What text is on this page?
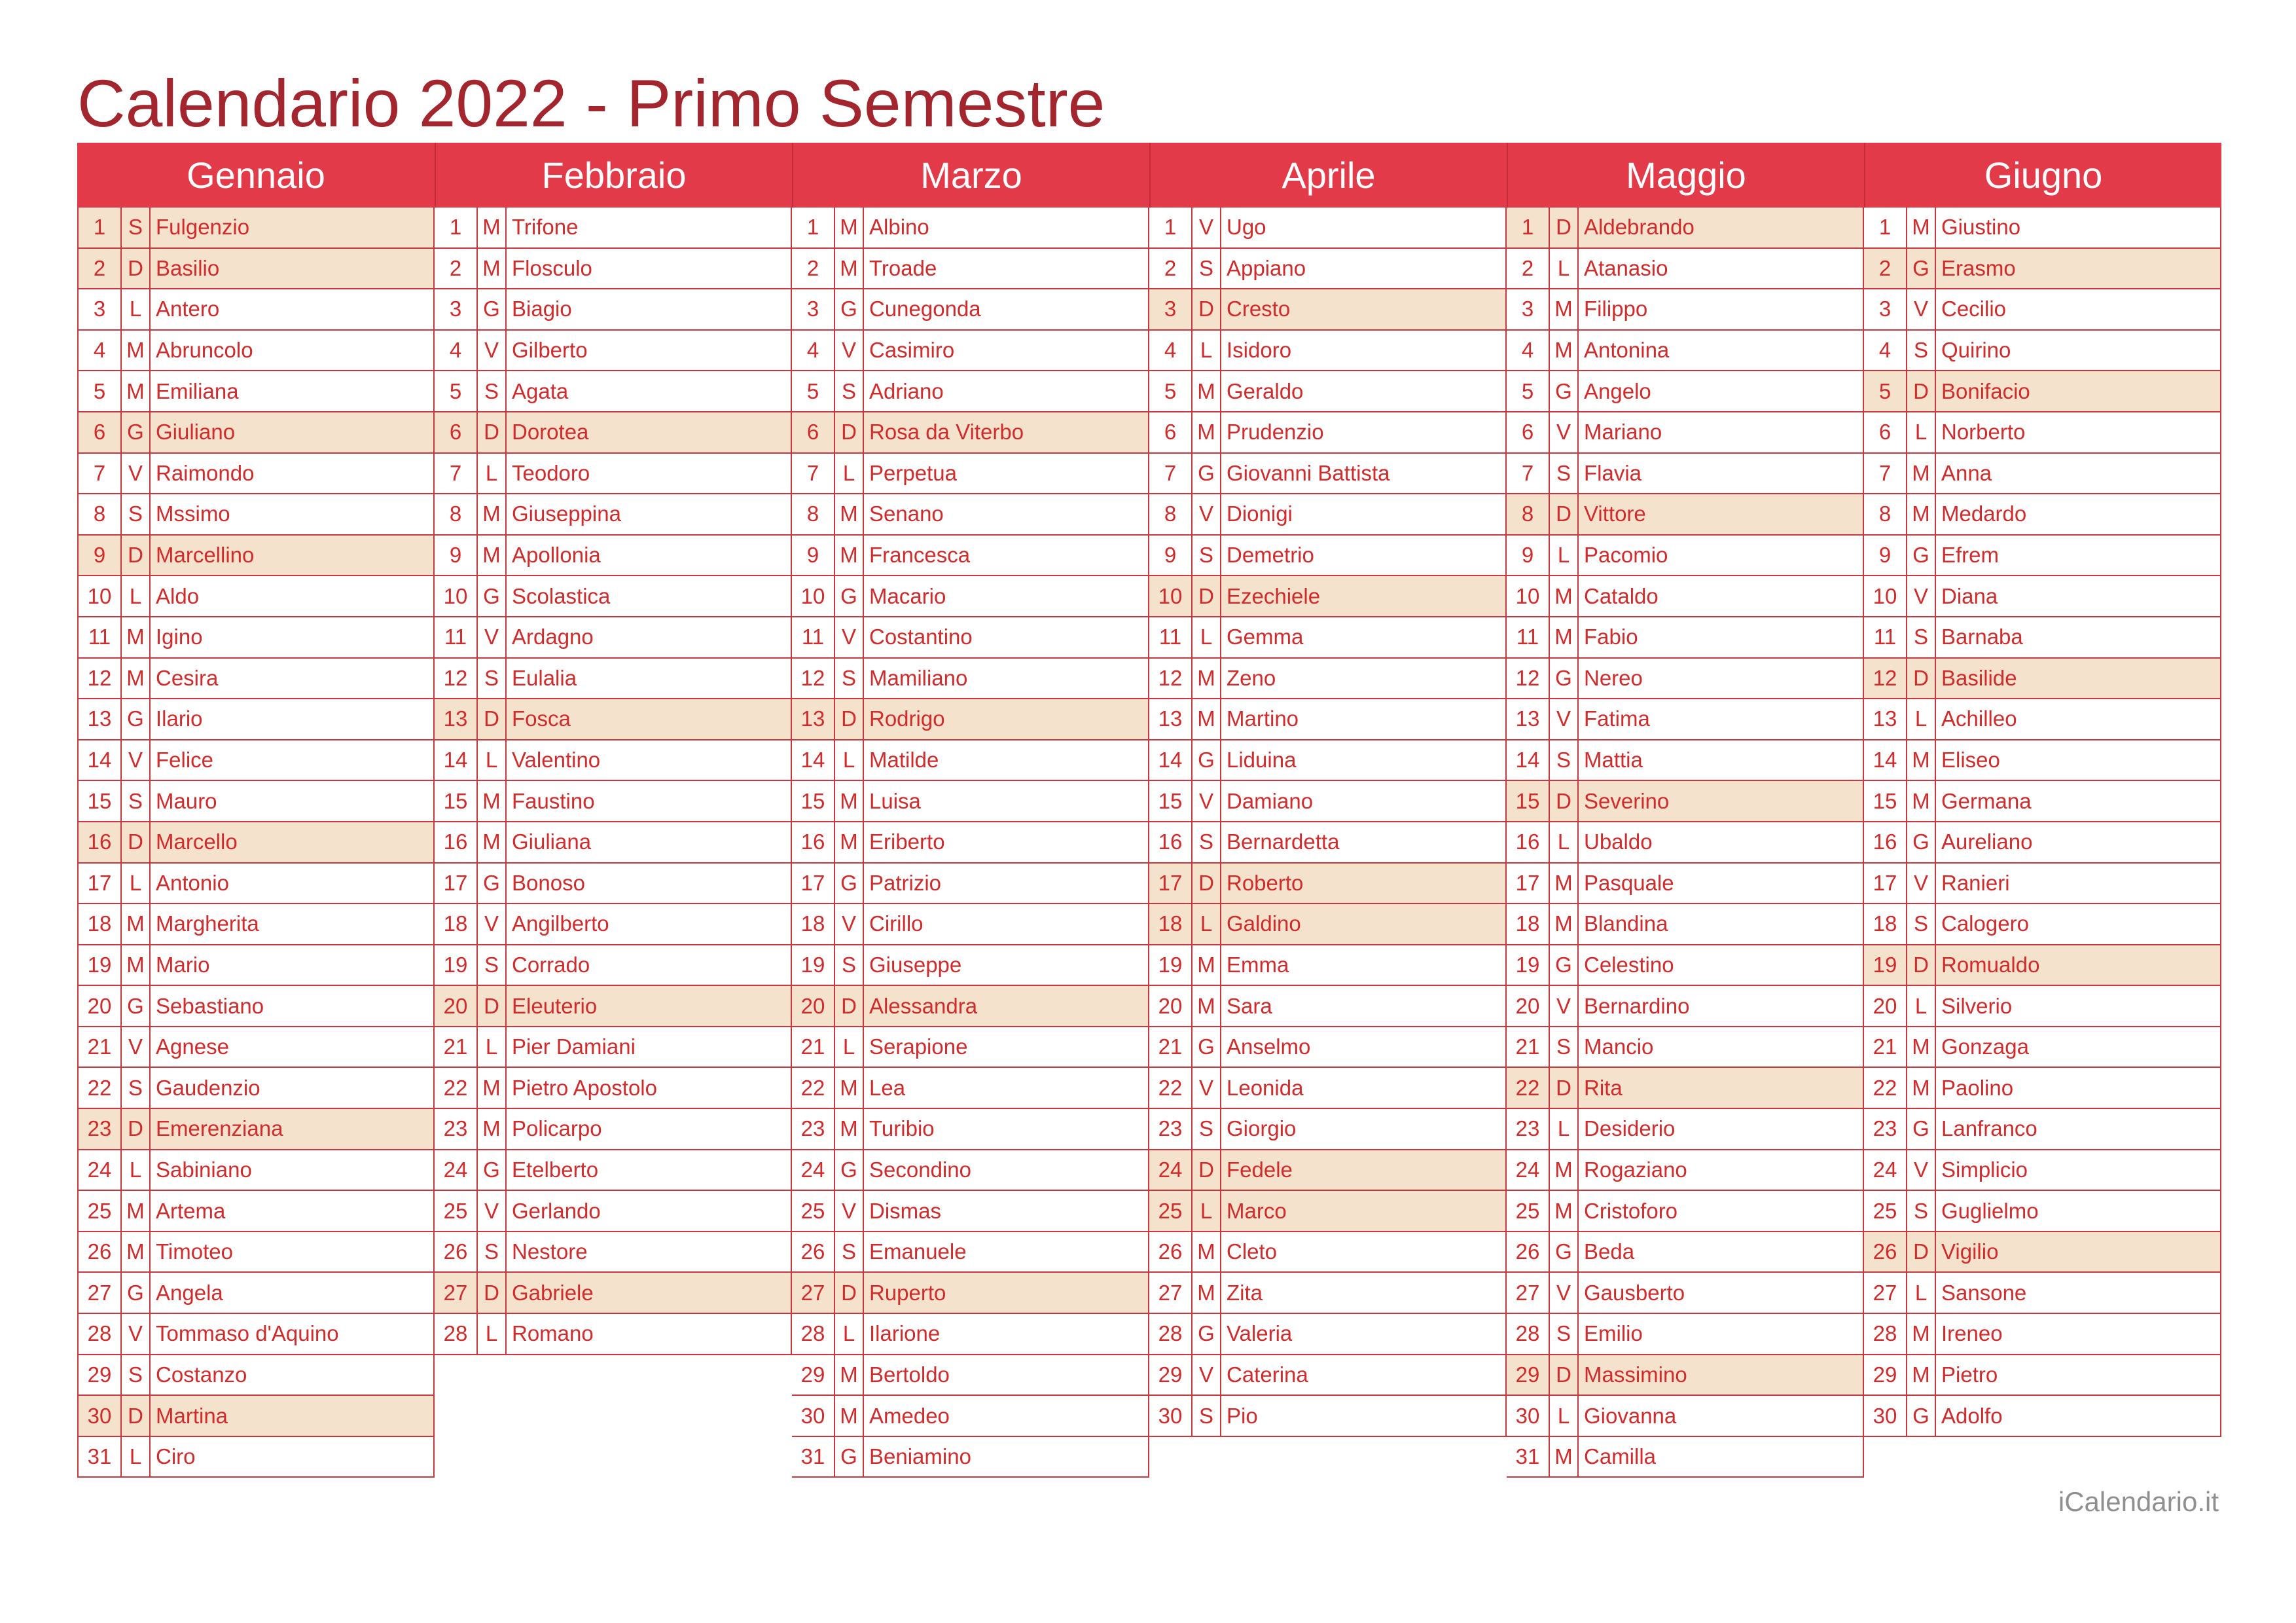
Calendario 2022 - Primo Semestre
Gennaio
1	S Fulgenzio
2	D Basilio
3	L Antero
4 M Abruncolo
5 M Emiliana
6 G Giuliano
7	V Raimondo
8	S Mssimo
9	D Marcellino
10 L Aldo
11 M Igino
12 M Cesira
13 G Ilario
14 V Felice
15 S Mauro
16 D Marcello
17 L Antonio
18 M Margherita
19 M Mario
20 G Sebastiano
21 V Agnese
22 S Gaudenzio
23 D Emerenziana
24 L Sabiniano
25 M Artema
26 M Timoteo
27 G Angela
28 V Tommaso d'Aquino
29 S Costanzo
30 D Martina
31 L Ciro
Febbraio
1 M Trifone
2 M Flosculo
3 G Biagio
4	V Gilberto
5	S Agata
6	D Dorotea
7	L Teodoro
8 M Giuseppina
9 M Apollonia
10 G Scolastica
11 V Ardagno
12 S Eulalia
13 D Fosca
14 L Valentino
15 M Faustino
16 M Giuliana
17 G Bonoso
18 V Angilberto
19 S Corrado
20 D Eleuterio
21 L Pier Damiani
22 M Pietro Apostolo
23 M Policarpo
24 G Etelberto
25 V Gerlando
26 S Nestore
27 D Gabriele
28 L Romano
Marzo
1 M Albino
2 M Troade
3 G Cunegonda
4	V Casimiro
5	S Adriano
6	D Rosa da Viterbo
7	L Perpetua
8 M Senano
9 M Francesca
10 G Macario
11 V Costantino
12 S Mamiliano
13 D Rodrigo
14 L Matilde
15 M Luisa
16 M Eriberto
17 G Patrizio
18 V Cirillo
19 S Giuseppe
20 D Alessandra
21 L Serapione
22 M Lea
23 M Turibio
24 G Secondino
25 V Dismas
26 S Emanuele
27 D Ruperto
28 L Ilarione
29 M Bertoldo
30 M Amedeo
31 G Beniamino
Aprile
1	V Ugo
2	S Appiano
3	D Cresto
4	L Isidoro
5 M Geraldo
6 M Prudenzio
7 G Giovanni Battista
8	V Dionigi
9	S Demetrio
10 D Ezechiele
11 L Gemma
12 M Zeno
13 M Martino
14 G Liduina
15 V Damiano
16 S Bernardetta
17 D Roberto
18 L Galdino
19 M Emma
20 M Sara
21 G Anselmo
22 V Leonida
23 S Giorgio
24 D Fedele
25 L Marco
26 M Cleto
27 M Zita
28 G Valeria
29 V Caterina
30 S Pio
Maggio
1	D Aldebrando
2	L Atanasio
3 M Filippo
4 M Antonina
5 G Angelo
6	V Mariano
7	S Flavia
8	D Vittore
9	L Pacomio
10 M Cataldo
11 M Fabio
12 G Nereo
13 V Fatima
14 S Mattia
15 D Severino
16 L Ubaldo
17 M Pasquale
18 M Blandina
19 G Celestino
20 V Bernardino
21 S Mancio
22 D Rita
23 L Desiderio
24 M Rogaziano
25 M Cristoforo
26 G Beda
27 V Gausberto
28 S Emilio
29 D Massimino
30 L Giovanna
31 M Camilla
Giugno
1 M Giustino
2 G Erasmo
3	V Cecilio
4	S Quirino
5	D Bonifacio
6	L Norberto
7 M Anna
8 M Medardo
9 G Efrem
10 V Diana
11 S Barnaba
12 D Basilide
13 L Achilleo
14 M Eliseo
15 M Germana
16 G Aureliano
17 V Ranieri
18 S Calogero
19 D Romualdo
20 L Silverio
21 M Gonzaga
22 M Paolino
23 G Lanfranco
24 V Simplicio
25 S Guglielmo
26 D Vigilio
27 L Sansone
28 M Ireneo
29 M Pietro
30 G Adolfo
iCalendario.it
